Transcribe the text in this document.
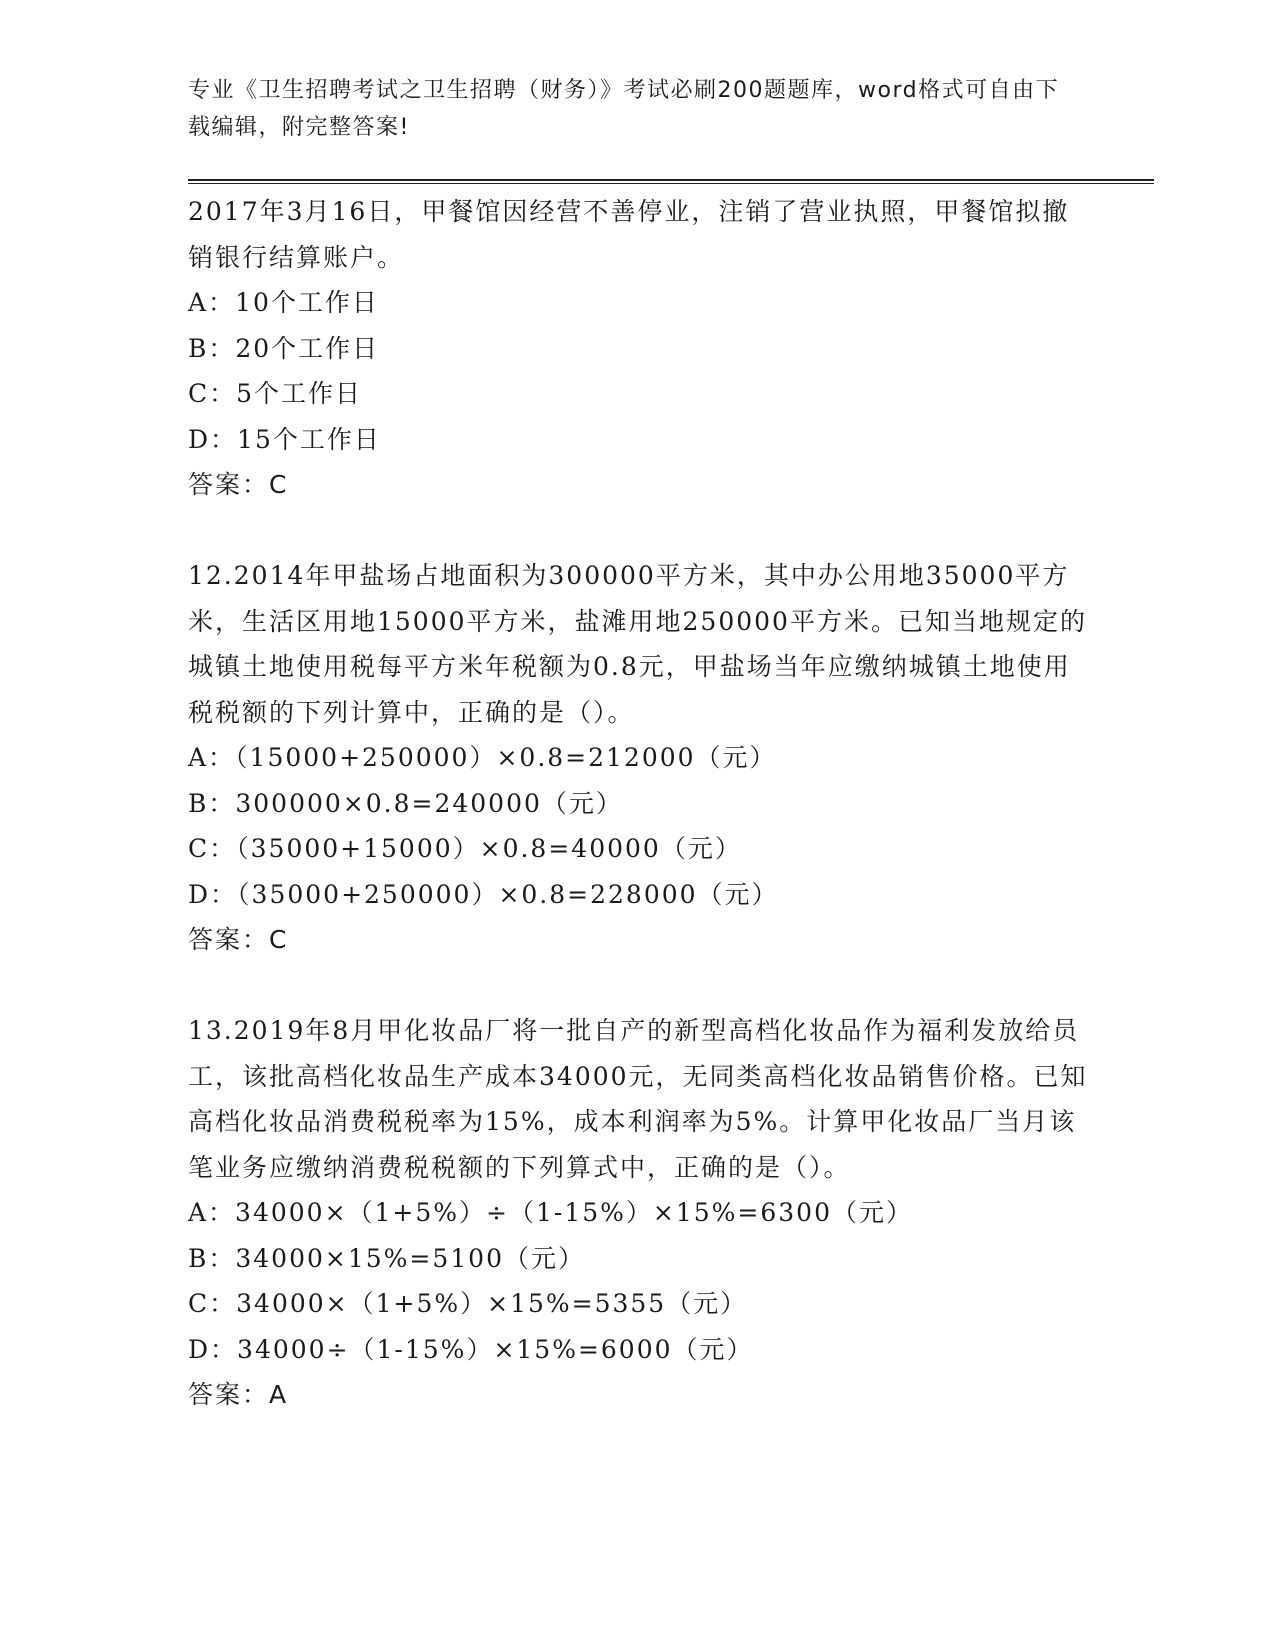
专业《卫生招聘考试之卫生招聘（财务）》考试必刷200题题库，word格式可自由下载编辑，附完整答案!

2017年3月16日，甲餐馆因经营不善停业，注销了营业执照，甲餐馆拟撤销银行结算账户。

A：10个工作日

B：20个工作日

C：5个工作日

D：15个工作日

答案：C

12.2014年甲盐场占地面积为300000平方米，其中办公用地35000平方米，生活区用地15000平方米，盐滩用地250000平方米。已知当地规定的城镇土地使用税每平方米年税额为0.8元，甲盐场当年应缴纳城镇土地使用税税额的下列计算中，正确的是（）。

A：（15000+250000）×0.8=212000（元）

B：300000×0.8=240000（元）

C：（35000+15000）×0.8=40000（元）

D：（35000+250000）×0.8=228000（元）

答案：C

13.2019年8月甲化妆品厂将一批自产的新型高档化妆品作为福利发放给员工，该批高档化妆品生产成本34000元，无同类高档化妆品销售价格。已知高档化妆品消费税税率为15%，成本利润率为5%。计算甲化妆品厂当月该笔业务应缴纳消费税税额的下列算式中，正确的是（）。

A：34000×（1+5%）÷（1-15%）×15%=6300（元）

B：34000×15%=5100（元）

C：34000×（1+5%）×15%=5355（元）

D：34000÷（1-15%）×15%=6000（元）

答案：A
